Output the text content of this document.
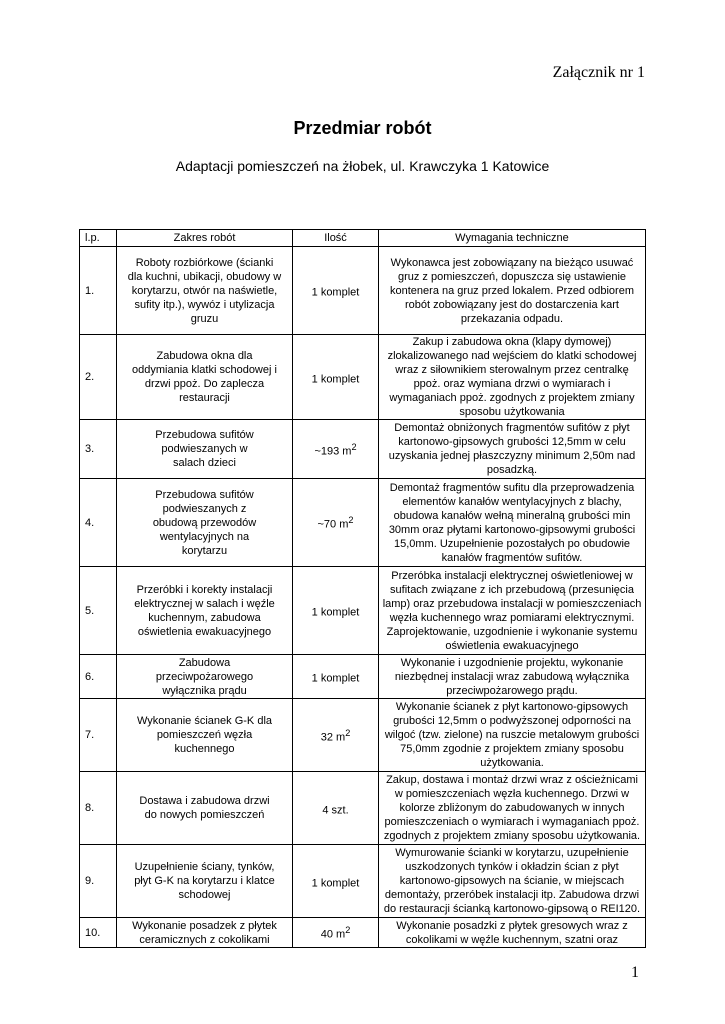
Załącznik nr 1
Przedmiar robót
Adaptacji pomieszczeń na żłobek, ul. Krawczyka 1 Katowice
l.p.	Zakres robót	Ilość	Wymagania techniczne
1.	Roboty rozbiórkowe (ścianki dla kuchni, ubikacji, obudowy w korytarzu, otwór na naświetle, sufity itp.), wywóz i utylizacja gruzu	1 komplet	Wykonawca jest zobowiązany na bieżąco usuwać gruz z pomieszczeń, dopuszcza się ustawienie kontenera na gruz przed lokalem. Przed odbiorem robót zobowiązany jest do dostarczenia kart przekazania odpadu.
2.	Zabudowa okna dla oddymiania klatki schodowej i drzwi ppoż. Do zaplecza restauracji	1 komplet	Zakup i zabudowa okna (klapy dymowej) zlokalizowanego nad wejściem do klatki schodowej wraz z siłownikiem sterowalnym przez centralkę ppoż. oraz wymiana drzwi o wymiarach i wymaganiach ppoż. zgodnych z projektem zmiany sposobu użytkowania
3.	Przebudowa sufitów podwieszanych w salach dzieci	~193 $m^2$	Demontaż obniżonych fragmentów sufitów z płyt kartonowo-gipsowych grubości 12,5mm w celu uzyskania jednej płaszczyzny minimum 2,50m nad posadzką.
4.	Przebudowa sufitów podwieszanych z obudową przewodów wentylacyjnych na korytarzu	~70 $m^2$	Demontaż fragmentów sufitu dla przeprowadzenia elementów kanałów wentylacyjnych z blachy, obudowa kanałów wełną mineralną grubości min 30mm oraz płytami kartonowo-gipsowymi grubości 15,0mm. Uzupełnienie pozostałych po obudowie kanałów fragmentów sufitów.
5.	Przeróbki i korekty instalacji elektrycznej w salach i węźle kuchennym, zabudowa oświetlenia ewakuacyjnego	1 komplet	Przeróbka instalacji elektrycznej oświetleniowej w sufitach związane z ich przebudową (przesunięcia lamp) oraz przebudowa instalacji w pomieszczeniach węzła kuchennego wraz pomiarami elektrycznymi. Zaprojektowanie, uzgodnienie i wykonanie systemu oświetlenia ewakuacyjnego
6.	Zabudowa przeciwpożarowego wyłącznika prądu	1 komplet	Wykonanie i uzgodnienie projektu, wykonanie niezbędnej instalacji wraz zabudową wyłącznika przeciwpożarowego prądu.
7.	Wykonanie ścianek G-K dla pomieszczeń węzła kuchennego	32 $m^2$	Wykonanie ścianek z płyt kartonowo-gipsowych grubości 12,5mm o podwyższonej odporności na wilgoć (tzw. zielone) na ruszcie metalowym grubości 75,0mm zgodnie z projektem zmiany sposobu użytkowania.
8.	Dostawa i zabudowa drzwi do nowych pomieszczeń	4 szt.	Zakup, dostawa i montaż drzwi wraz z ościeżnicami w pomieszczeniach węzła kuchennego. Drzwi w kolorze zbliżonym do zabudowanych w innych pomieszczeniach o wymiarach i wymaganiach ppoż. zgodnych z projektem zmiany sposobu użytkowania.
9.	Uzupełnienie ściany, tynków, płyt G-K na korytarzu i klatce schodowej	1 komplet	Wymurowanie ścianki w korytarzu, uzupełnienie uszkodzonych tynków i okładzin ścian z płyt kartonowo-gipsowych na ścianie, w miejscach demontaży, przeróbek instalacji itp. Zabudowa drzwi do restauracji ścianką kartonowo-gipsową o REI120.
10.	Wykonanie posadzek z płytek ceramicznych z cokolikami	40 $m^2$	Wykonanie posadzki z płytek gresowych wraz z cokolikami w węźle kuchennym, szatni oraz
1
